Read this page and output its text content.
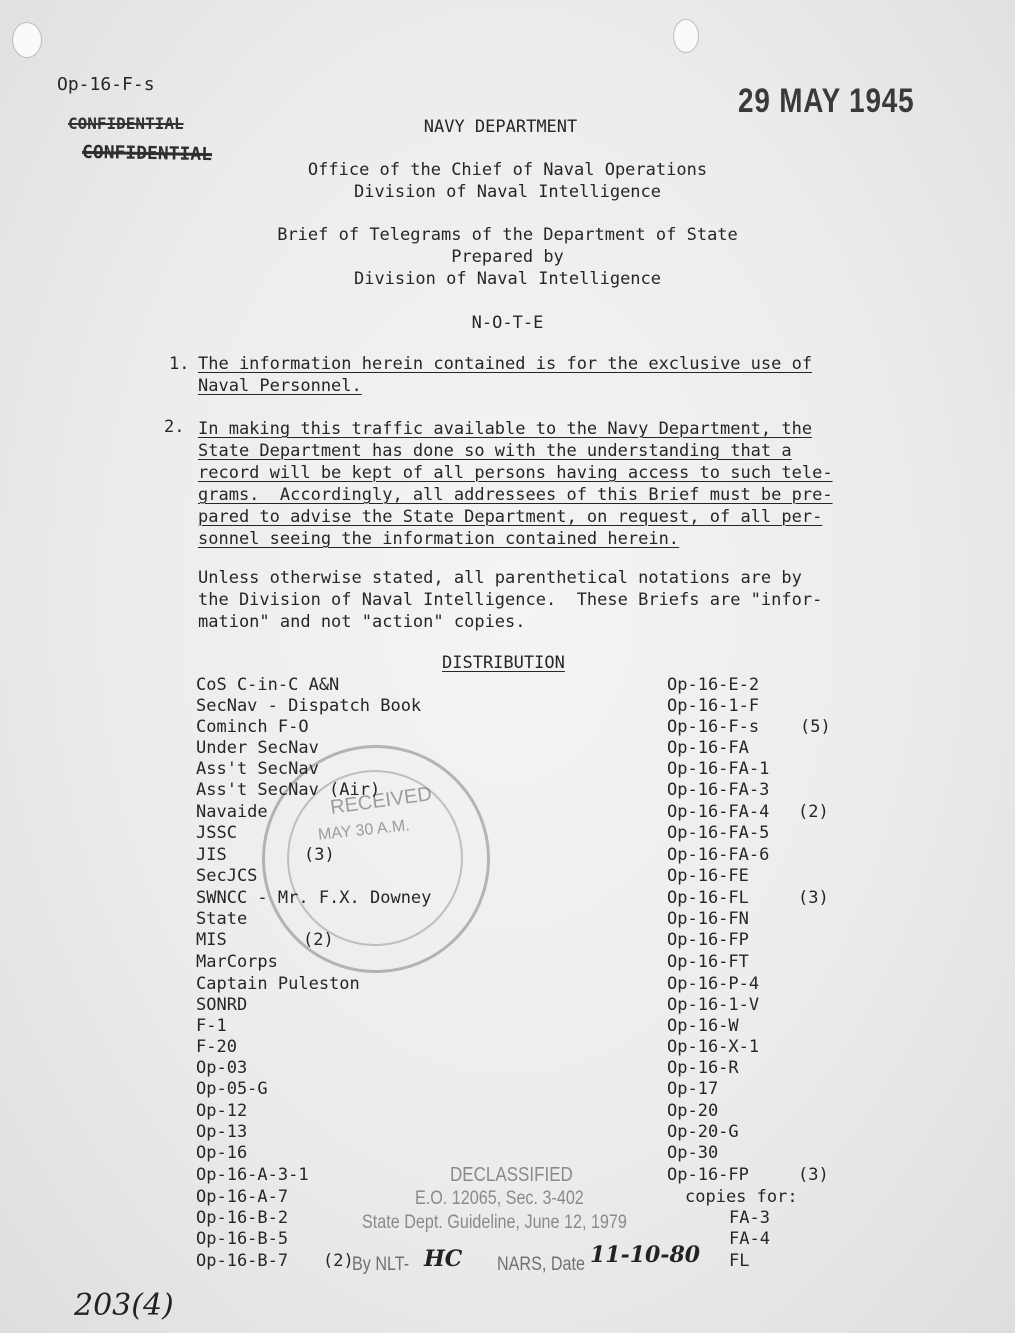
Op-16-F-s
CONFIDENTIAL
CONFIDENTIAL
29 MAY 1945
NAVY DEPARTMENT
Office of the Chief of Naval Operations
Division of Naval Intelligence
Brief of Telegrams of the Department of State
Prepared by
Division of Naval Intelligence
N-O-T-E
1. The information herein contained is for the exclusive use of
Naval Personnel.
2. In making this traffic available to the Navy Department, the
State Department has done so with the understanding that a
record will be kept of all persons having access to such tele-
grams.  Accordingly, all addressees of this Brief must be pre-
pared to advise the State Department, on request, of all per-
sonnel seeing the information contained herein.
Unless otherwise stated, all parenthetical notations are by
the Division of Naval Intelligence.  These Briefs are "infor-
mation" and not "action" copies.
DISTRIBUTION
RECEIVED
MAY 30 A.M.
CoS C-in-C A&N
SecNav - Dispatch Book
Cominch F-O
Under SecNav
Ass't SecNav
Ass't SecNav (Air)
Navaide
JSSC
JIS
SecJCS
SWNCC - Mr. F.X. Downey
State
MIS
MarCorps
Captain Puleston
SONRD
F-1
F-20
Op-03
Op-05-G
Op-12
Op-13
Op-16
Op-16-A-3-1
Op-16-A-7
Op-16-B-2
Op-16-B-5
Op-16-B-7
(3)
(2)
(2)
Op-16-E-2
Op-16-1-F
Op-16-F-s
Op-16-FA
Op-16-FA-1
Op-16-FA-3
Op-16-FA-4
Op-16-FA-5
Op-16-FA-6
Op-16-FE
Op-16-FL
Op-16-FN
Op-16-FP
Op-16-FT
Op-16-P-4
Op-16-1-V
Op-16-W
Op-16-X-1
Op-16-R
Op-17
Op-20
Op-20-G
Op-30
Op-16-FP
(5)
(2)
(3)
(3)
copies for:
FA-3
FA-4
FL
DECLASSIFIED
E.O. 12065, Sec. 3-402
State Dept. Guideline, June 12, 1979
By NLT- HC NARS, Date 11-10-80
203(4)
